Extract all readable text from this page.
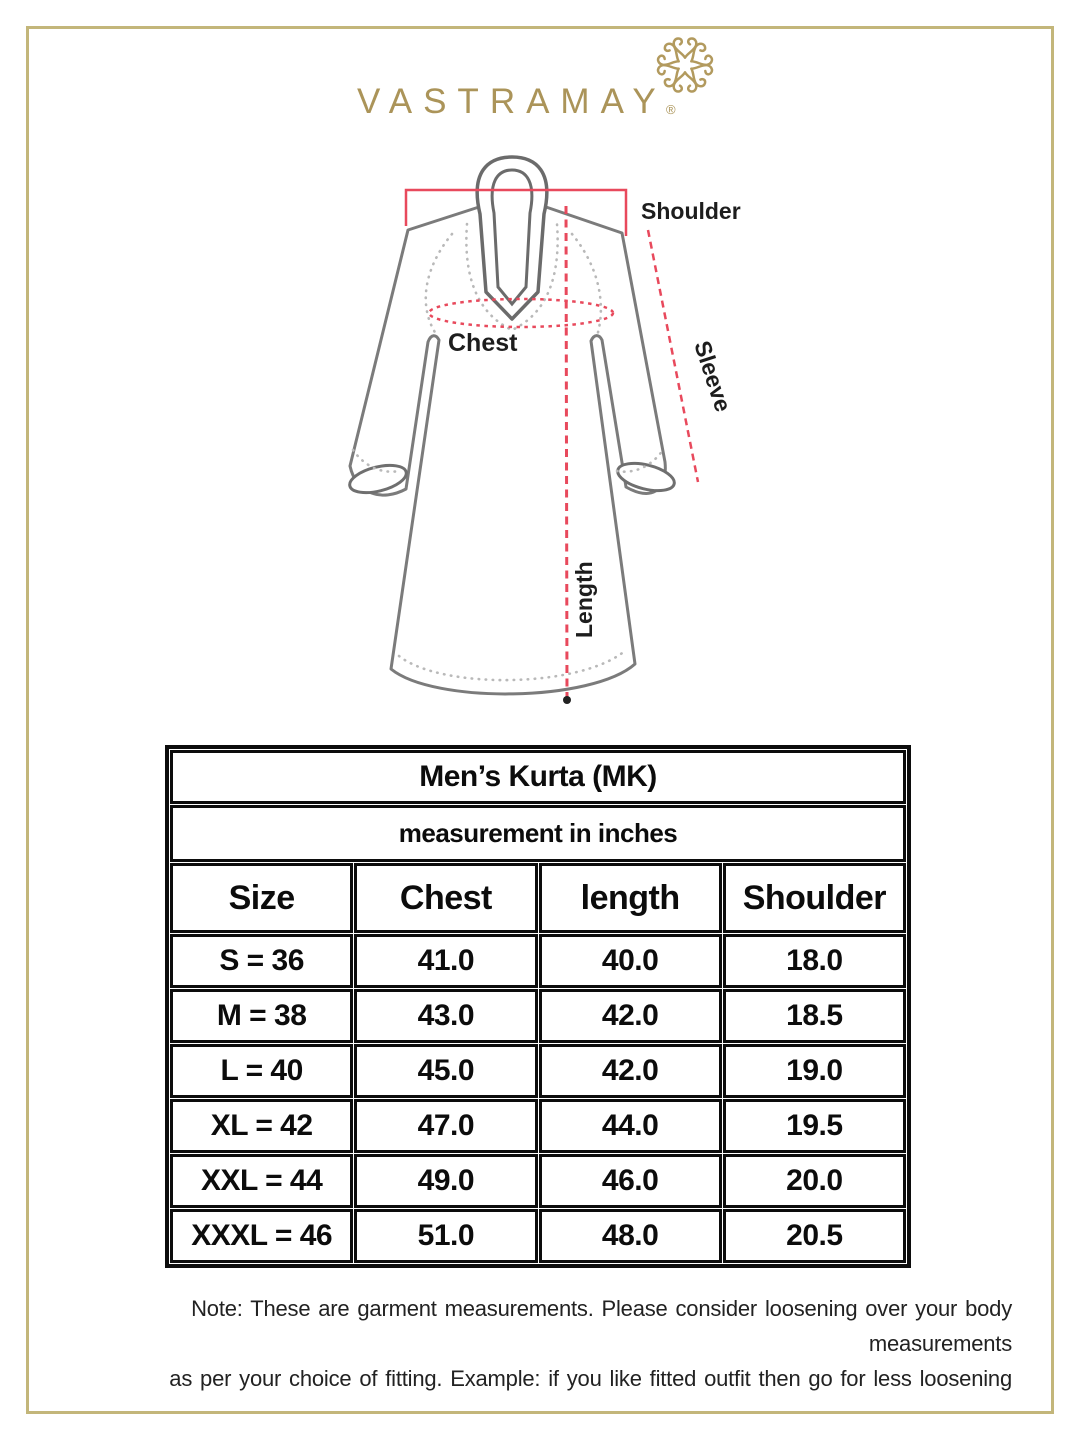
VASTRAMAY ®
Shoulder
Chest	Sleeve
Length
Men’s Kurta (MK)			
measurement in inches			
Size	Chest	length	Shoulder
S = 36	41.0	40.0	18.0
M = 38	43.0	42.0	18.5
L = 40	45.0	42.0	19.0
XL = 42	47.0	44.0	19.5
XXL = 44	49.0	46.0	20.0
XXXL = 46	51.0	48.0	20.5
Note: These are garment measurements. Please consider loosening over your body measurements
as per your choice of fitting. Example: if you like fitted outfit then go for less loosening
